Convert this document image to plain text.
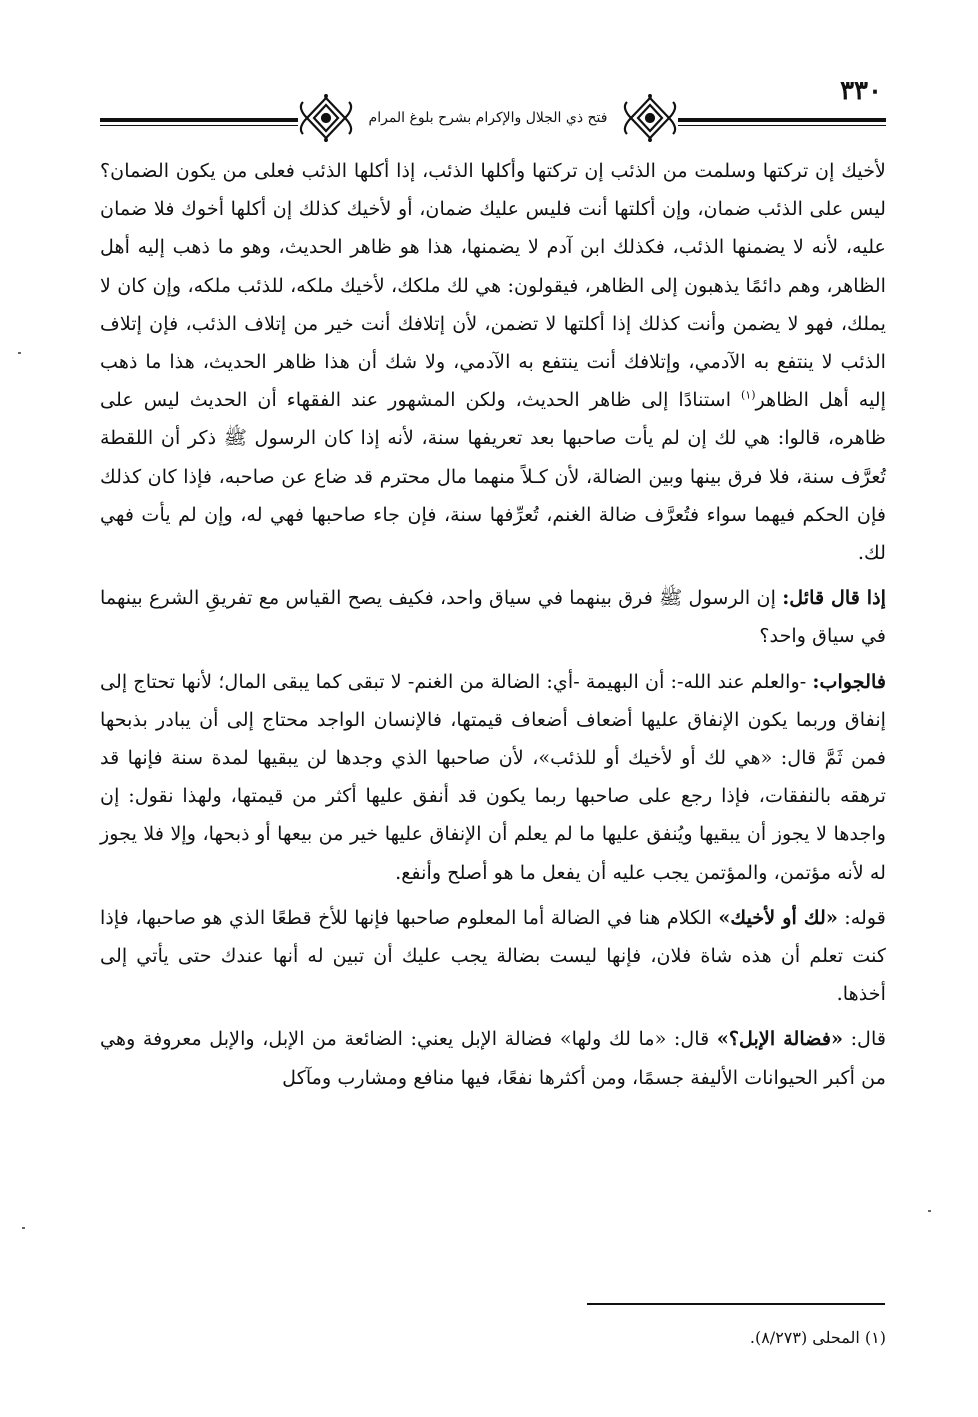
٣٣٠
فتح ذي الجلال والإكرام بشرح بلوغ المرام

لأخيك إن تركتها وسلمت من الذئب إن تركتها وأكلها الذئب، إذا أكلها الذئب فعلى من يكون الضمان؟ ليس على الذئب ضمان، وإن أكلتها أنت فليس عليك ضمان، أو لأخيك كذلك إن أكلها أخوك فلا ضمان عليه، لأنه لا يضمنها الذئب، فكذلك ابن آدم لا يضمنها، هذا هو ظاهر الحديث، وهو ما ذهب إليه أهل الظاهر، وهم دائمًا يذهبون إلى الظاهر، فيقولون: هي لك ملكك، لأخيك ملكه، للذئب ملكه، وإن كان لا يملك، فهو لا يضمن وأنت كذلك إذا أكلتها لا تضمن، لأن إتلافك أنت خير من إتلاف الذئب، فإن إتلاف الذئب لا ينتفع به الآدمي، وإتلافك أنت ينتفع به الآدمي، ولا شك أن هذا ظاهر الحديث، هذا ما ذهب إليه أهل الظاهر$^{(١)}$ استنادًا إلى ظاهر الحديث، ولكن المشهور عند الفقهاء أن الحديث ليس على ظاهره، قالوا: هي لك إن لم يأت صاحبها بعد تعريفها سنة، لأنه إذا كان الرسول ﷺ ذكر أن اللقطة تُعرَّف سنة، فلا فرق بينها وبين الضالة، لأن كـلاً منهما مال محترم قد ضاع عن صاحبه، فإذا كان كذلك فإن الحكم فيهما سواء فتُعرَّف ضالة الغنم، تُعرِّفها سنة، فإن جاء صاحبها فهي له، وإن لم يأت فهي لك.

إذا قال قائل: إن الرسول ﷺ فرق بينهما في سياق واحد، فكيف يصح القياس مع تفريقِ الشرع بينهما في سياق واحد؟

فالجواب: -والعلم عند الله-: أن البهيمة -أي: الضالة من الغنم- لا تبقى كما يبقى المال؛ لأنها تحتاج إلى إنفاق وربما يكون الإنفاق عليها أضعاف أضعاف قيمتها، فالإنسان الواجد محتاج إلى أن يبادر بذبحها فمن ثَمَّ قال: «هي لك أو لأخيك أو للذئب»، لأن صاحبها الذي وجدها لن يبقيها لمدة سنة فإنها قد ترهقه بالنفقات، فإذا رجع على صاحبها ربما يكون قد أنفق عليها أكثر من قيمتها، ولهذا نقول: إن واجدها لا يجوز أن يبقيها ويُنفق عليها ما لم يعلم أن الإنفاق عليها خير من بيعها أو ذبحها، وإلا فلا يجوز له لأنه مؤتمن، والمؤتمن يجب عليه أن يفعل ما هو أصلح وأنفع.

قوله: «لك أو لأخيك» الكلام هنا في الضالة أما المعلوم صاحبها فإنها للأخ قطعًا الذي هو صاحبها، فإذا كنت تعلم أن هذه شاة فلان، فإنها ليست بضالة يجب عليك أن تبين له أنها عندك حتى يأتي إلى أخذها.

قال: «فضالة الإبل؟» قال: «ما لك ولها» فضالة الإبل يعني: الضائعة من الإبل، والإبل معروفة وهي من أكبر الحيوانات الأليفة جسمًا، ومن أكثرها نفعًا، فيها منافع ومشارب ومآكل

(١) المحلى (٨/٢٧٣).
